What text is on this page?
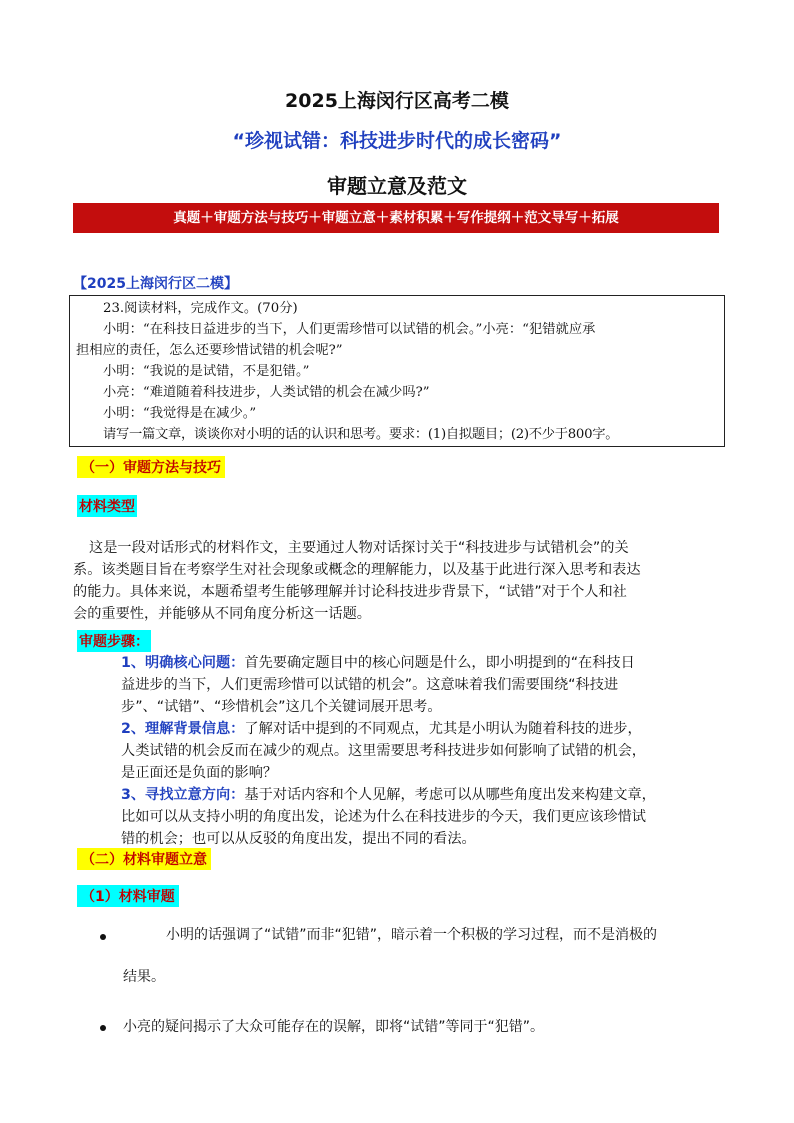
2025上海闵行区高考二模
“珍视试错：科技进步时代的成长密码”
审题立意及范文
真题＋审题方法与技巧＋审题立意＋素材积累＋写作提纲＋范文导写＋拓展
【2025上海闵行区二模】

23.阅读材料，完成作文。(70分)

小明：“在科技日益进步的当下，人们更需珍惜可以试错的机会。”小亮：“犯错就应承

担相应的责任，怎么还要珍惜试错的机会呢?”

小明：“我说的是试错，不是犯错。”

小亮：“难道随着科技进步，人类试错的机会在减少吗?”

小明：“我觉得是在减少。”

请写一篇文章，谈谈你对小明的话的认识和思考。要求：(1)自拟题目；(2)不少于800字。

（一）审题方法与技巧
材料类型
这是一段对话形式的材料作文，主要通过人物对话探讨关于“科技进步与试错机会”的关
系。该类题目旨在考察学生对社会现象或概念的理解能力，以及基于此进行深入思考和表达
的能力。具体来说，本题希望考生能够理解并讨论科技进步背景下，“试错”对于个人和社
会的重要性，并能够从不同角度分析这一话题。
审题步骤：
1、明确核心问题：首先要确定题目中的核心问题是什么，即小明提到的“在科技日
益进步的当下，人们更需珍惜可以试错的机会”。这意味着我们需要围绕“科技进
步”、“试错”、“珍惜机会”这几个关键词展开思考。
2、理解背景信息：了解对话中提到的不同观点，尤其是小明认为随着科技的进步，
人类试错的机会反而在减少的观点。这里需要思考科技进步如何影响了试错的机会，
是正面还是负面的影响？
3、寻找立意方向：基于对话内容和个人见解，考虑可以从哪些角度出发来构建文章，
比如可以从支持小明的角度出发，论述为什么在科技进步的今天，我们更应该珍惜试
错的机会；也可以从反驳的角度出发，提出不同的看法。
（二）材料审题立意
（1）材料审题
小明的话强调了“试错”而非“犯错”，暗示着一个积极的学习过程，而不是消极的
结果。
小亮的疑问揭示了大众可能存在的误解，即将“试错”等同于“犯错”。
